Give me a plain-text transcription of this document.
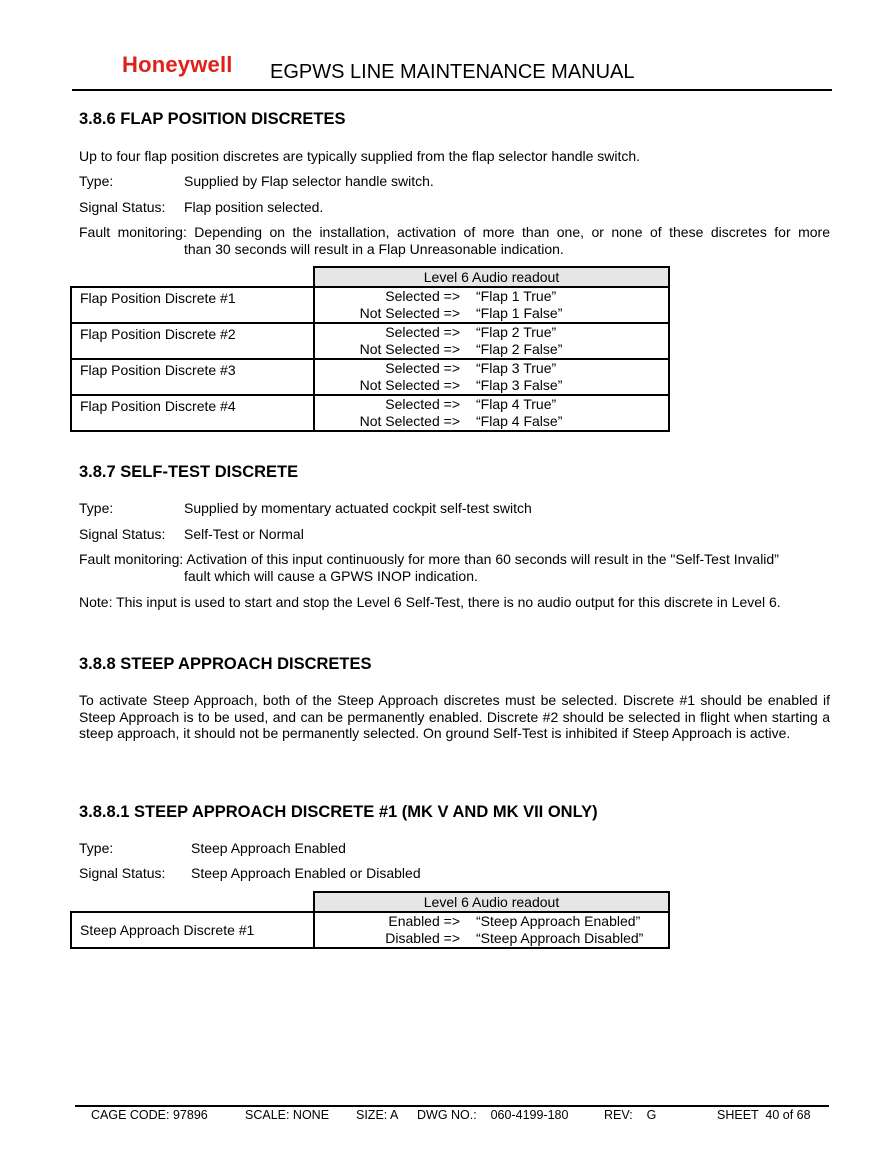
Honeywell EGPWS LINE MAINTENANCE MANUAL
3.8.6 FLAP POSITION DISCRETES
Up to four flap position discretes are typically supplied from the flap selector handle switch.
Type:	Supplied by Flap selector handle switch.
Signal Status: Flap position selected.
Fault monitoring: Depending on the installation, activation of more than one, or none of these discretes for more
than 30 seconds will result in a Flap Unreasonable indication.
	Level 6 Audio readout
Flap Position Discrete #1	Selected => “Flap 1 True”
Not Selected => “Flap 1 False”

Flap Position Discrete #2	Selected => “Flap 2 True”
Not Selected => “Flap 2 False”

Flap Position Discrete #3	Selected => “Flap 3 True”
Not Selected => “Flap 3 False”

Flap Position Discrete #4	Selected => “Flap 4 True”
Not Selected => “Flap 4 False”
3.8.7 SELF-TEST DISCRETE
Type:	Supplied by momentary actuated cockpit self-test switch
Signal Status: Self-Test or Normal
Fault monitoring: Activation of this input continuously for more than 60 seconds will result in the "Self-Test Invalid”
fault which will cause a GPWS INOP indication.
Note: This input is used to start and stop the Level 6 Self-Test, there is no audio output for this discrete in Level 6.
3.8.8 STEEP APPROACH DISCRETES
To activate Steep Approach, both of the Steep Approach discretes must be selected. Discrete #1 should be enabled if Steep Approach is to be used, and can be permanently enabled. Discrete #2 should be selected in flight when starting a steep approach, it should not be permanently selected. On ground Self-Test is inhibited if Steep Approach is active.
3.8.8.1 STEEP APPROACH DISCRETE #1 (MK V AND MK VII ONLY)
Type:	Steep Approach Enabled
Signal Status: Steep Approach Enabled or Disabled
	Level 6 Audio readout
Steep Approach Discrete #1	Enabled => “Steep Approach Enabled”
Disabled => “Steep Approach Disabled”
CAGE CODE: 97896	SCALE: NONE SIZE: A DWG NO.:    060-4199-180	REV:    G	SHEET  40 of 68
